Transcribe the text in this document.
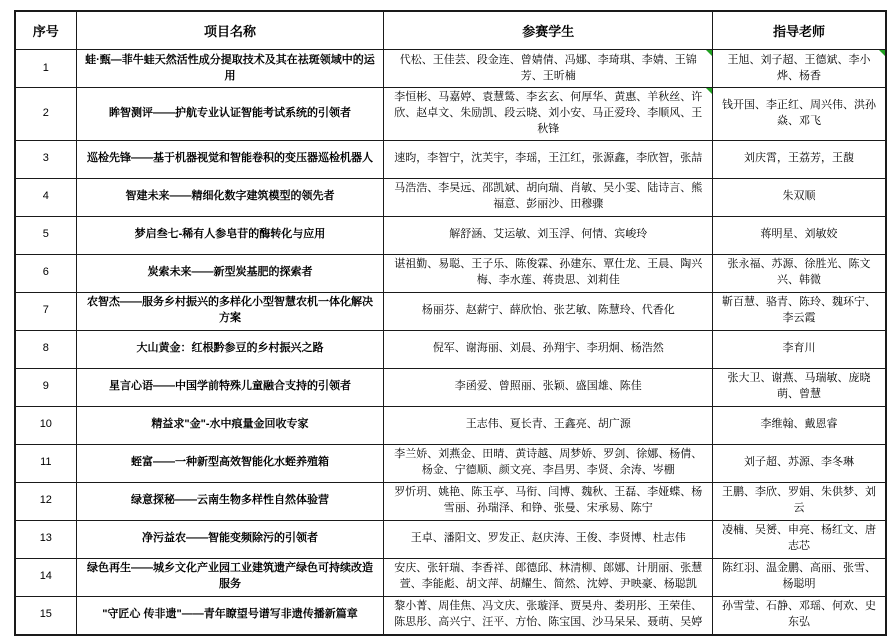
序号	项目名称	参赛学生	指导老师
1	蛙·甄—菲牛蛙天然活性成分提取技术及其在祛斑领域中的运用	代松、王佳芸、段金连、曾婧倩、冯娜、李琦琪、李婧、王锦芳、王昕楠	王旭、刘子超、王德斌、李小烨、杨香

2	眸智测评——护航专业认证智能考试系统的引领者	李恒彬、马嘉婷、袁慧鸶、李玄玄、何厚华、黄惠、羊秋丝、许欣、赵卓文、朱励凯、段云晓、刘小安、马正爱玲、李顺风、王秋锋	钱开国、李正红、周兴伟、洪孙焱、邓飞
3	巡检先锋——基于机器视觉和智能卷积的变压器巡检机器人	速昀，李智宁，沈芙宇，李瑶，王江红，张源鑫，李欣智，张喆	刘庆霄，王荔芳，王馥
4	智建未来——精细化数字建筑模型的领先者	马浩浩、李昊远、邵凯斌、胡向瑞、肖敏、吴小雯、陆诗言、熊福意、彭丽沙、田穆骤	朱双顺
5	梦启叁七-稀有人参皂苷的酶转化与应用	解舒涵、艾运敏、刘玉浮、何情、宾峻玲	蒋明星、刘敏姣
6	炭索未来——新型炭基肥的探索者	谌祖勤、易聪、王子乐、陈俊霖、孙建东、覃仕龙、王晨、陶兴梅、李水莲、蒋贵思、刘莉佳	张永福、苏源、徐胜光、陈文兴、韩微
7	农智杰——服务乡村振兴的多样化小型智慧农机一体化解决方案	杨丽芬、赵薪宁、薛欣怡、张艺敏、陈慧玲、代香化	靳百慧、骆青、陈玲、魏环宁、李云霞
8	大山黄金：红根黔参豆的乡村振兴之路	倪军、谢海丽、刘晨、孙翔宇、李玥炯、杨浩然	李育川
9	星言心语——中国学前特殊儿童融合支持的引领者	李函爱、曾照丽、张颖、盛国雄、陈佳	张大卫、谢燕、马瑞敏、庞晓萌、曾慧
10	精益求"金"-水中痕量金回收专家	王志伟、夏长青、王鑫亮、胡广源	李维翰、戴恩睿
11	蛭富——一种新型高效智能化水蛭养殖箱	李兰娇、刘燕金、田晴、黄诗越、周梦娇、罗剑、徐娜、杨倩、杨金、宁德顺、颜文亮、李昌男、李贤、余涛、岑棚	刘子超、苏源、李冬琳
12	绿意探秘——云南生物多样性自然体验营	罗忻玥、姚艳、陈玉亭、马衔、闫博、魏秋、王磊、李娅蝶、杨雪丽、孙瑞泽、和铮、张曼、宋承易、陈宁	王鹏、李欣、罗娟、朱供梦、刘云
13	净污益农——智能变频除污的引领者	王卓、潘阳文、罗发正、赵庆涛、王俊、李贤博、杜志伟	凌楠、吴赟、申亮、杨红文、唐志芯
14	绿色再生——城乡文化产业园工业建筑遗产绿色可持续改造服务	安庆、张轩瑞、李香祥、郎德邱、林清柳、郎娜、计朋丽、张慧萱、李能彪、胡文萍、胡耀生、简然、沈婷、尹映豪、杨聪凯	陈红羽、温金鹏、高丽、张雪、杨聪明
15	"守匠心 传非遗"——青年瞭望号谱写非遗传播新篇章	黎小菁、周佳焦、冯文庆、张璇泽、贾昊舟、娄玥彤、王荣佳、陈思彤、高兴宁、汪平、方怡、陈宝国、沙马呆呆、聂萌、吴婷	孙雪莹、石静、邓瑶、何欢、史东弘
